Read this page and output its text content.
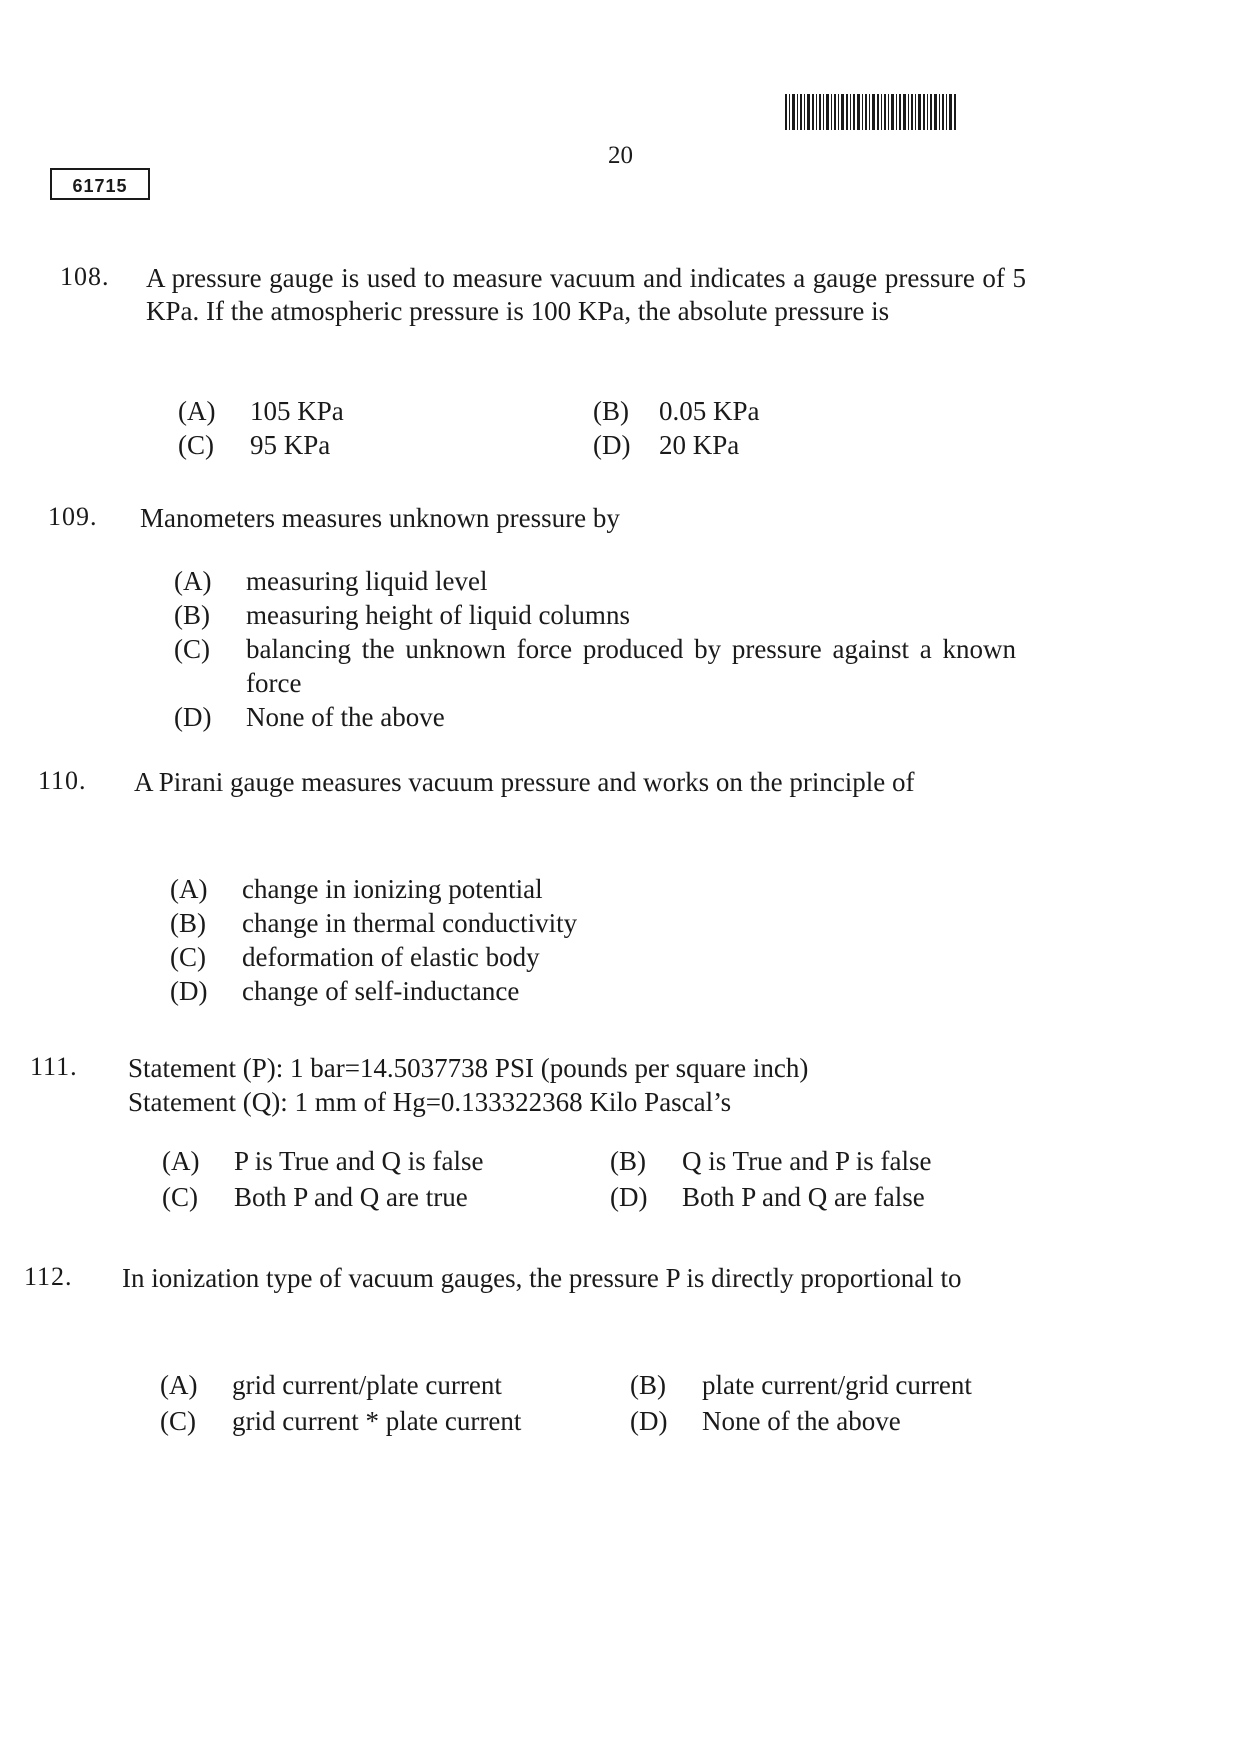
20
61715
108. A pressure gauge is used to measure vacuum and indicates a gauge pressure of 5 KPa. If the atmospheric pressure is 100 KPa, the absolute pressure is
(A) 105 KPa	(B) 0.05 KPa
(C) 95 KPa	(D) 20 KPa
109. Manometers measures unknown pressure by
(A)	measuring liquid level
(B)	measuring height of liquid columns
(C)	balancing the unknown force produced by pressure against a known force
(D)	None of the above
110. A Pirani gauge measures vacuum pressure and works on the principle of
(A)	change in ionizing potential
(B)	change in thermal conductivity
(C)	deformation of elastic body
(D)	change of self-inductance
111. Statement (P): 1 bar=14.5037738 PSI (pounds per square inch)
Statement (Q): 1 mm of Hg=0.133322368 Kilo Pascal’s
(A) P is True and Q is false	(B) Q is True and P is false
(C) Both P and Q are true	(D) Both P and Q are false
112. In ionization type of vacuum gauges, the pressure P is directly proportional to
(A) grid current/plate current	(B) plate current/grid current
(C) grid current * plate current	(D) None of the above
